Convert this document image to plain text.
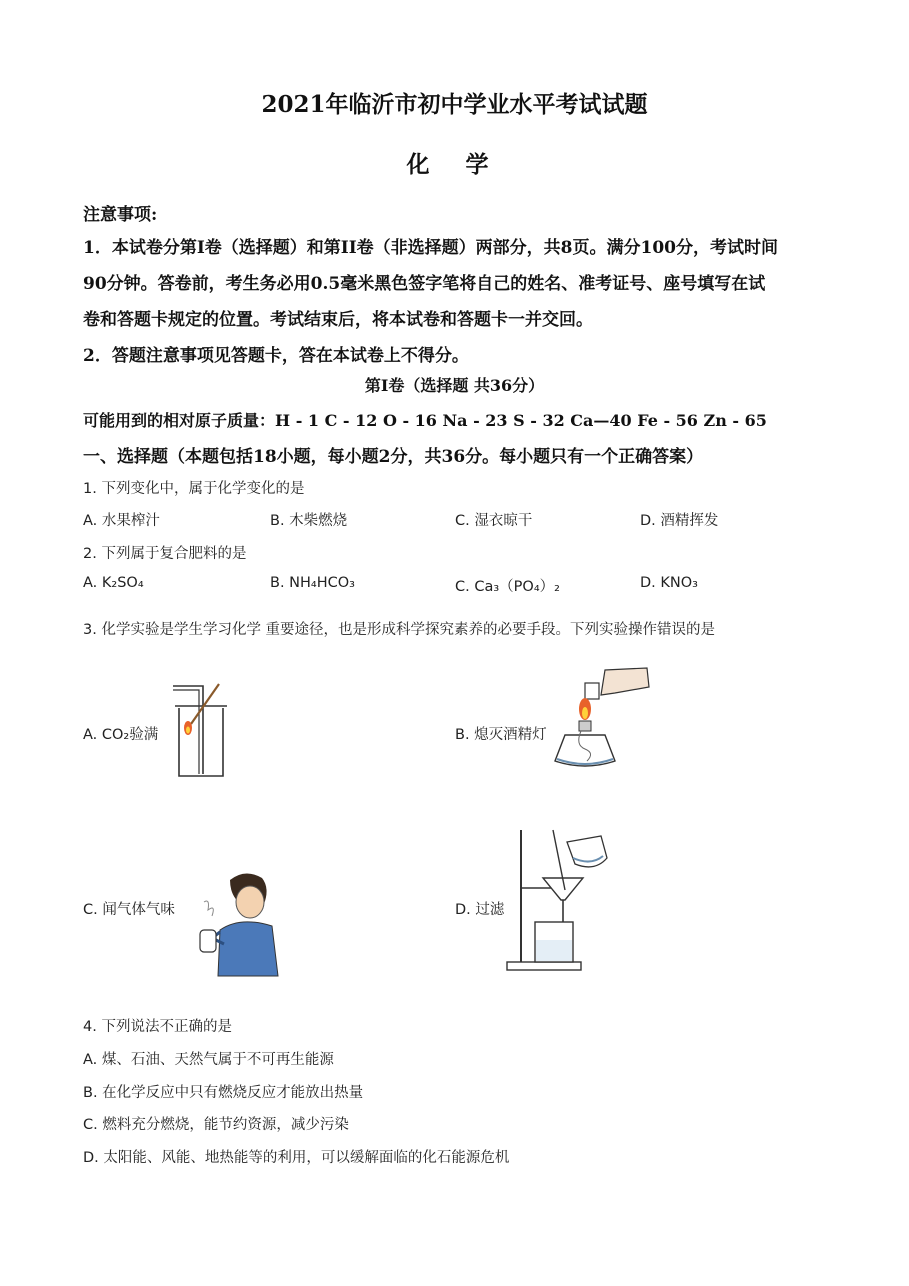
2021年临沂市初中学业水平考试试题
化 学
注意事项:
1．本试卷分第I卷（选择题）和第II卷（非选择题）两部分，共8页。满分100分，考试时间
90分钟。答卷前，考生务必用0.5毫米黑色签字笔将自己的姓名、准考证号、座号填写在试
卷和答题卡规定的位置。考试结束后，将本试卷和答题卡一并交回。
2．答题注意事项见答题卡，答在本试卷上不得分。
第I卷（选择题 共36分）
可能用到的相对原子质量：H - 1 C - 12 O - 16 Na - 23 S - 32 Ca—40 Fe - 56 Zn - 65
一、选择题（本题包括18小题，每小题2分，共36分。每小题只有一个正确答案）
1. 下列变化中，属于化学变化的是
A. 水果榨汁	B. 木柴燃烧	C. 湿衣晾干	D. 酒精挥发
2. 下列属于复合肥料的是
A. K₂SO₄	B. NH₄HCO₃	C. Ca₃（PO₄）₂	D. KNO₃
3. 化学实验是学生学习化学 重要途径，也是形成科学探究素养的必要手段。下列实验操作错误的是
A. CO₂验满	B. 熄灭酒精灯
C. 闻气体气味	D. 过滤
4. 下列说法不正确的是
A. 煤、石油、天然气属于不可再生能源
B. 在化学反应中只有燃烧反应才能放出热量
C. 燃料充分燃烧，能节约资源，减少污染
D. 太阳能、风能、地热能等的利用，可以缓解面临的化石能源危机
